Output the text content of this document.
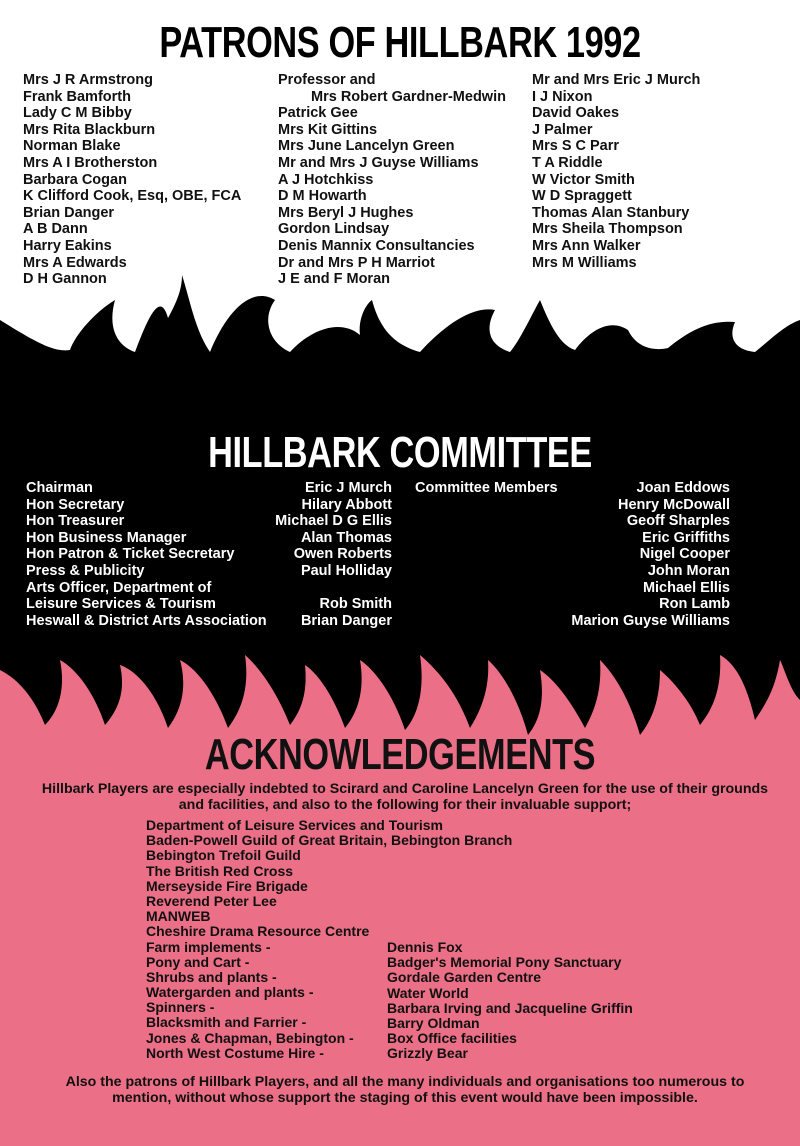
PATRONS OF HILLBARK 1992
Mrs J R Armstrong
Frank Bamforth
Lady C M Bibby
Mrs Rita Blackburn
Norman Blake
Mrs A I Brotherston
Barbara Cogan
K Clifford Cook, Esq, OBE, FCA
Brian Danger
A B Dann
Harry Eakins
Mrs A Edwards
D H Gannon
Professor and
Mrs Robert Gardner-Medwin
Patrick Gee
Mrs Kit Gittins
Mrs June Lancelyn Green
Mr and Mrs J Guyse Williams
A J Hotchkiss
D M Howarth
Mrs Beryl J Hughes
Gordon Lindsay
Denis Mannix Consultancies
Dr and Mrs P H Marriot
J E and F Moran
Mr and Mrs Eric J Murch
I J Nixon
David Oakes
J Palmer
Mrs S C Parr
T A Riddle
W Victor Smith
W D Spraggett
Thomas Alan Stanbury
Mrs Sheila Thompson
Mrs Ann Walker
Mrs M Williams
HILLBARK COMMITTEE
Chairman
Hon Secretary
Hon Treasurer
Hon Business Manager
Hon Patron & Ticket Secretary
Press & Publicity
Arts Officer, Department of
Leisure Services & Tourism
Heswall & District Arts Association
Eric J Murch
Hilary Abbott
Michael D G Ellis
Alan Thomas
Owen Roberts
Paul Holliday
Rob Smith
Brian Danger
Committee Members	Joan Eddows
Henry McDowall
Geoff Sharples
Eric Griffiths
Nigel Cooper
John Moran
Michael Ellis
Ron Lamb
Marion Guyse Williams
ACKNOWLEDGEMENTS
Hillbark Players are especially indebted to Scirard and Caroline Lancelyn Green for the use of their grounds and facilities, and also to the following for their invaluable support;
Department of Leisure Services and Tourism
Baden-Powell Guild of Great Britain, Bebington Branch
Bebington Trefoil Guild
The British Red Cross
Merseyside Fire Brigade
Reverend Peter Lee
MANWEB
Cheshire Drama Resource Centre
Farm implements -
Pony and Cart -
Shrubs and plants -
Watergarden and plants -
Spinners -
Blacksmith and Farrier -
Jones & Chapman, Bebington -
North West Costume Hire -
Dennis Fox
Badger's Memorial Pony Sanctuary
Gordale Garden Centre
Water World
Barbara Irving and Jacqueline Griffin
Barry Oldman
Box Office facilities
Grizzly Bear
Also the patrons of Hillbark Players, and all the many individuals and organisations too numerous to mention, without whose support the staging of this event would have been impossible.
